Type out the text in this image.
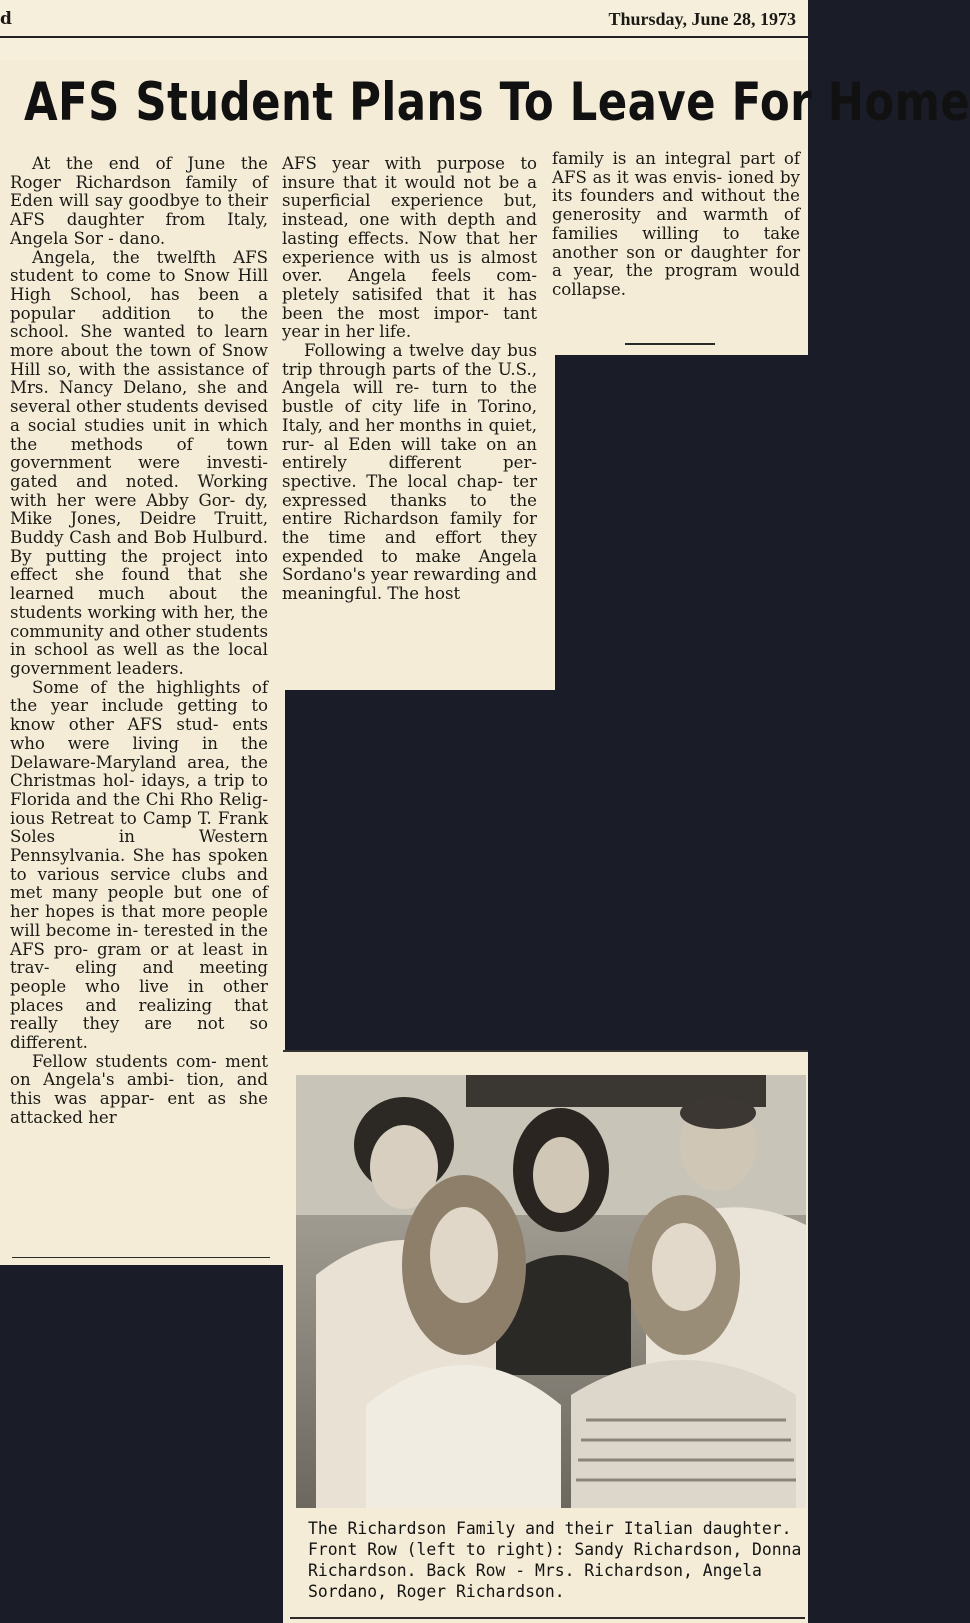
d	Thursday, June 28, 1973
AFS Student Plans To Leave For Home

At the end of June the Roger Richardson family of Eden will say goodbye to their AFS daughter from Italy, Angela Sor - dano.

Angela, the twelfth AFS student to come to Snow Hill High School, has been a popular addition to the school. She wanted to learn more about the town of Snow Hill so, with the assistance of Mrs. Nancy Delano, she and several other students devised a social studies unit in which the methods of town government were investi- gated and noted. Working with her were Abby Gor- dy, Mike Jones, Deidre Truitt, Buddy Cash and Bob Hulburd. By putting the project into effect she found that she learned much about the students working with her, the community and other students in school as well as the local government leaders.

Some of the highlights of the year include getting to know other AFS stud- ents who were living in the Delaware-Maryland area, the Christmas hol- idays, a trip to Florida and the Chi Rho Relig- ious Retreat to Camp T. Frank Soles in Western Pennsylvania. She has spoken to various service clubs and met many people but one of her hopes is that more people will become in- terested in the AFS pro- gram or at least in trav- eling and meeting people who live in other places and realizing that really they are not so different.

Fellow students com- ment on Angela's ambi- tion, and this was appar- ent as she attacked her

AFS year with purpose to insure that it would not be a superficial experience but, instead, one with depth and lasting effects. Now that her experience with us is almost over. Angela feels com- pletely satisifed that it has been the most impor- tant year in her life.

Following a twelve day bus trip through parts of the U.S., Angela will re- turn to the bustle of city life in Torino, Italy, and her months in quiet, rur- al Eden will take on an entirely different per- spective. The local chap- ter expressed thanks to the entire Richardson family for the time and effort they expended to make Angela Sordano's year rewarding and meaningful. The host

family is an integral part of AFS as it was envis- ioned by its founders and without the generosity and warmth of families willing to take another son or daughter for a year, the program would collapse.

The Richardson Family and their Italian daughter. Front Row (left to right): Sandy Richardson, Donna Richardson. Back Row - Mrs. Richardson, Angela Sordano, Roger Richardson.
